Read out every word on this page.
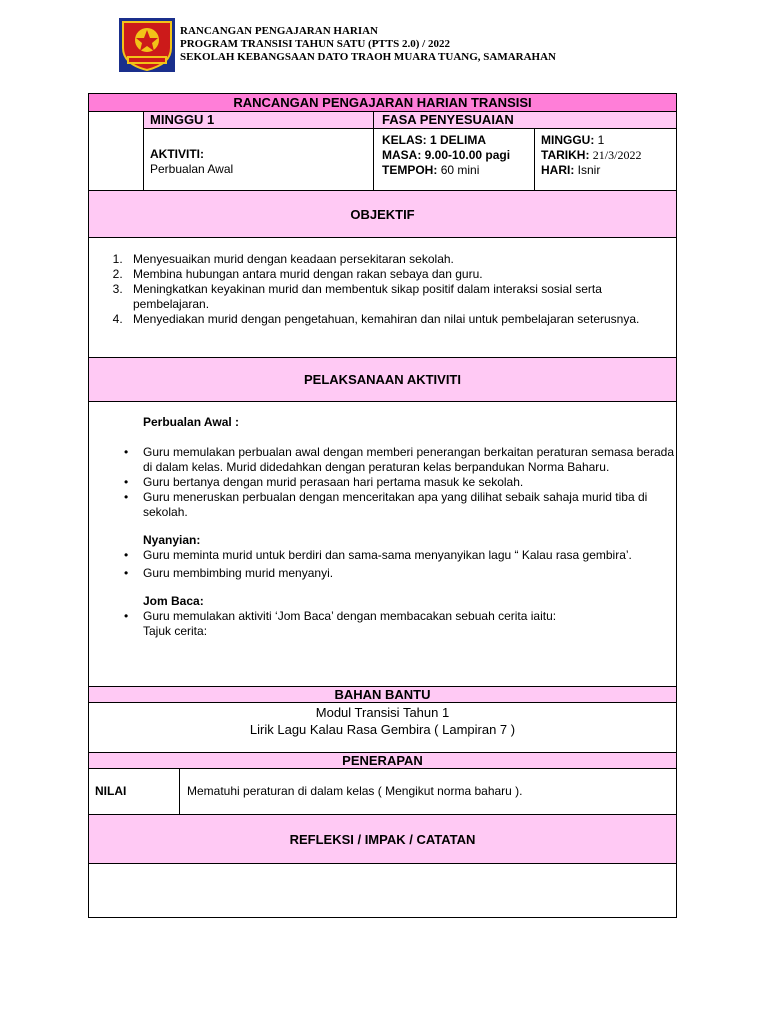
RANCANGAN PENGAJARAN HARIAN
PROGRAM TRANSISI TAHUN SATU (PTTS 2.0) / 2022
SEKOLAH KEBANGSAAN DATO TRAOH MUARA TUANG, SAMARAHAN
RANCANGAN PENGAJARAN HARIAN TRANSISI
MINGGU 1
AKTIVITI:
Perbualan Awal
FASA PENYESUAIAN
KELAS: 1 DELIMA
MASA: 9.00-10.00 pagi
TEMPOH: 60 mini
MINGGU: 1
TARIKH: 21/3/2022
HARI: Isnir
OBJEKTIF
1. Menyesuaikan murid dengan keadaan persekitaran sekolah.
2. Membina hubungan antara murid dengan rakan sebaya dan guru.
3. Meningkatkan keyakinan murid dan membentuk sikap positif dalam interaksi sosial serta pembelajaran.
4. Menyediakan murid dengan pengetahuan, kemahiran dan nilai untuk pembelajaran seterusnya.
PELAKSANAAN AKTIVITI
Perbualan Awal :
• Guru memulakan perbualan awal dengan memberi penerangan berkaitan peraturan semasa berada di dalam kelas. Murid didedahkan dengan peraturan kelas berpandukan Norma Baharu.
• Guru bertanya dengan murid perasaan hari pertama masuk ke sekolah.
• Guru meneruskan perbualan dengan menceritakan apa yang dilihat sebaik sahaja murid tiba di sekolah.
Nyanyian:
• Guru meminta murid untuk berdiri dan sama-sama menyanyikan lagu “ Kalau rasa gembira’.
• Guru membimbing murid menyanyi.
Jom Baca:
• Guru memulakan aktiviti ‘Jom Baca’ dengan membacakan sebuah cerita iaitu:
Tajuk cerita:
BAHAN BANTU
Modul Transisi Tahun 1
Lirik Lagu Kalau Rasa Gembira ( Lampiran 7 )
PENERAPAN
NILAI	Mematuhi peraturan di dalam kelas ( Mengikut norma baharu ).
REFLEKSI / IMPAK / CATATAN
